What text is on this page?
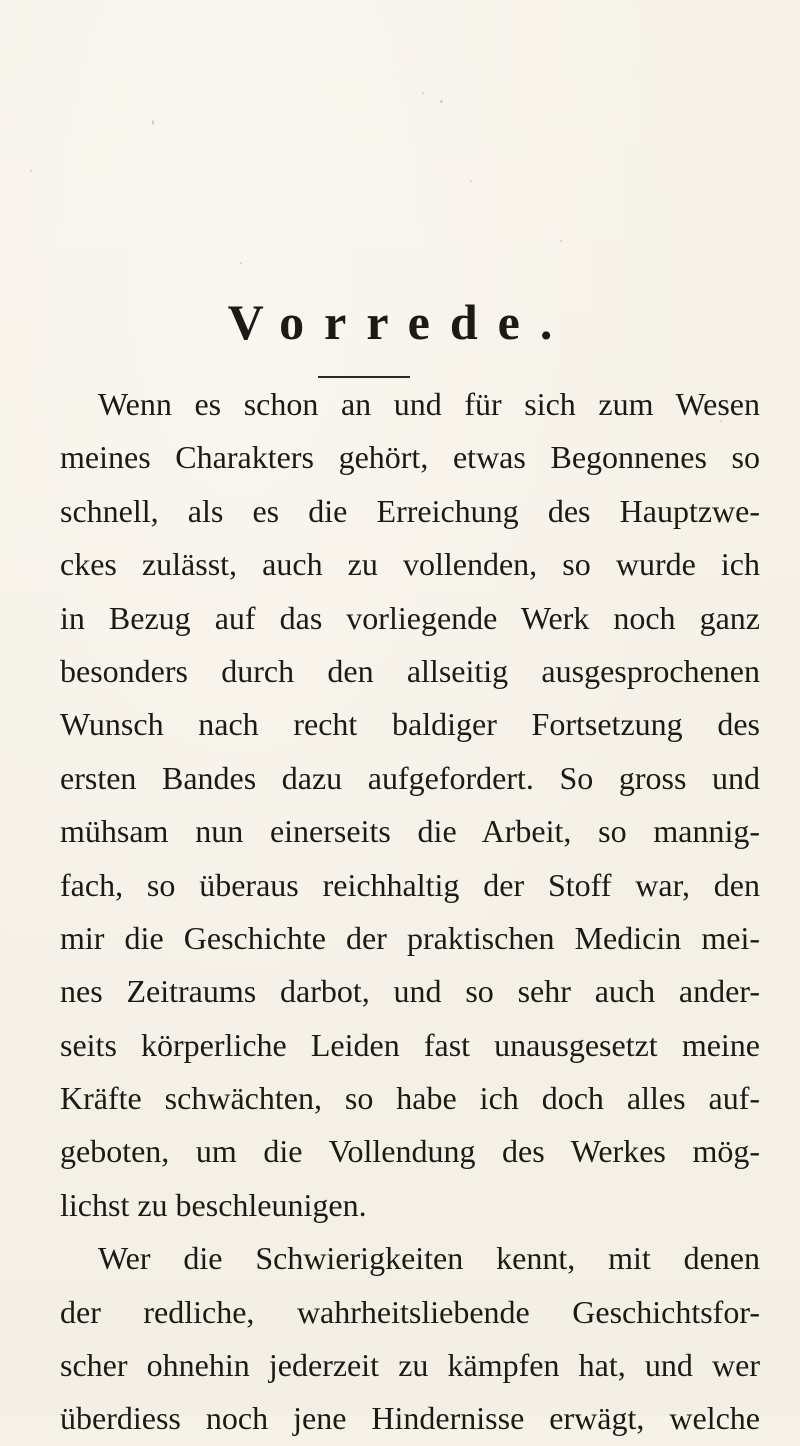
Vorrede.
Wenn es schon an und für sich zum Wesen
meines Charakters gehört, etwas Begonnenes so
schnell, als es die Erreichung des Hauptzwe-
ckes zulässt, auch zu vollenden, so wurde ich
in Bezug auf das vorliegende Werk noch ganz
besonders durch den allseitig ausgesprochenen
Wunsch nach recht baldiger Fortsetzung des
ersten Bandes dazu aufgefordert. So gross und
mühsam nun einerseits die Arbeit, so mannig-
fach, so überaus reichhaltig der Stoff war, den
mir die Geschichte der praktischen Medicin mei-
nes Zeitraums darbot, und so sehr auch ander-
seits körperliche Leiden fast unausgesetzt meine
Kräfte schwächten, so habe ich doch alles auf-
geboten, um die Vollendung des Werkes mög-
lichst zu beschleunigen.
Wer die Schwierigkeiten kennt, mit denen
der redliche, wahrheitsliebende Geschichtsfor-
scher ohnehin jederzeit zu kämpfen hat, und wer
überdiess noch jene Hindernisse erwägt, welche
